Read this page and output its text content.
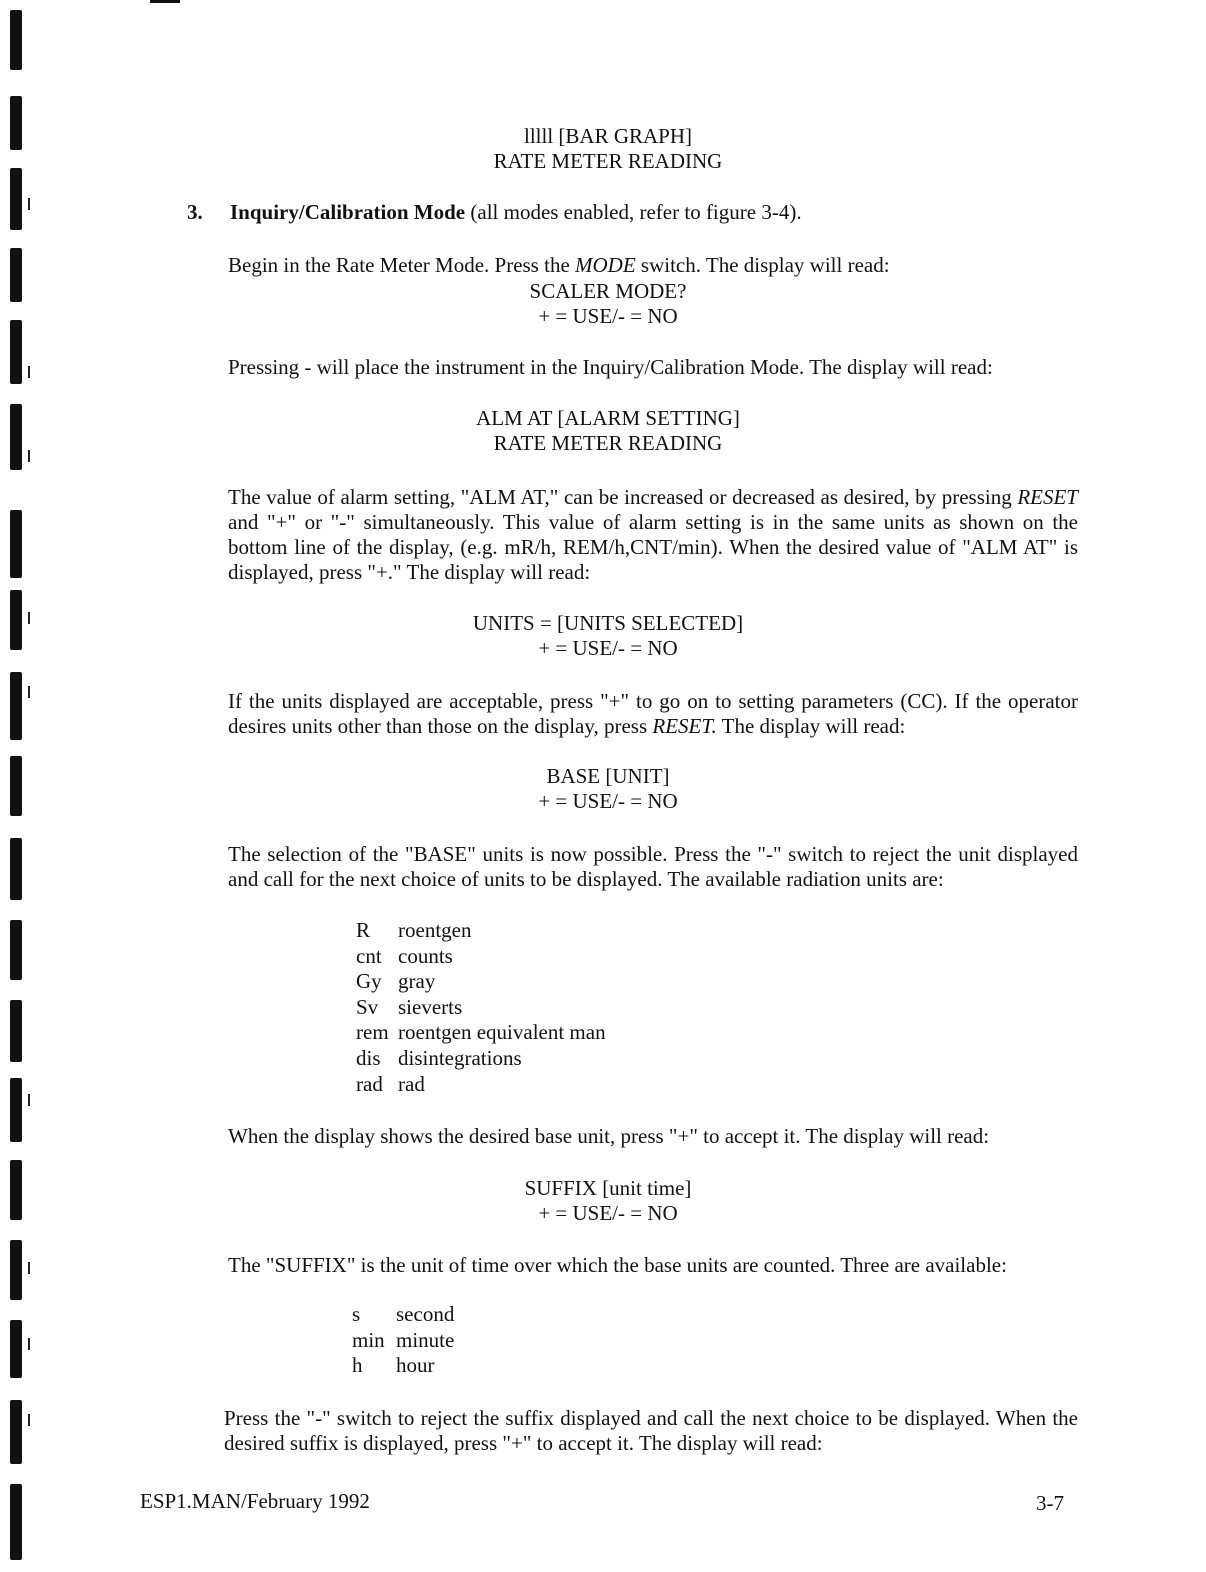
lllll [BAR GRAPH]
RATE METER READING
3. Inquiry/Calibration Mode (all modes enabled, refer to figure 3-4).
Begin in the Rate Meter Mode. Press the MODE switch. The display will read:
SCALER MODE?
+ = USE/- = NO
Pressing - will place the instrument in the Inquiry/Calibration Mode. The display will read:
ALM AT [ALARM SETTING]
RATE METER READING
The value of alarm setting, "ALM AT," can be increased or decreased as desired, by pressing RESET and "+" or "-" simultaneously. This value of alarm setting is in the same units as shown on the bottom line of the display, (e.g. mR/h, REM/h,CNT/min). When the desired value of "ALM AT" is displayed, press "+." The display will read:
UNITS = [UNITS SELECTED]
+ = USE/- = NO
If the units displayed are acceptable, press "+" to go on to setting parameters (CC). If the operator desires units other than those on the display, press RESET. The display will read:
BASE [UNIT]
+ = USE/- = NO
The selection of the "BASE" units is now possible. Press the "-" switch to reject the unit displayed and call for the next choice of units to be displayed. The available radiation units are:
R roentgen
cnt counts
Gy gray
Sv sieverts
rem roentgen equivalent man
dis disintegrations
rad rad
When the display shows the desired base unit, press "+" to accept it. The display will read:
SUFFIX [unit time]
+ = USE/- = NO
The "SUFFIX" is the unit of time over which the base units are counted. Three are available:
s second
min minute
h hour
Press the "-" switch to reject the suffix displayed and call the next choice to be displayed. When the desired suffix is displayed, press "+" to accept it. The display will read:
ESP1.MAN/February 1992	3-7
